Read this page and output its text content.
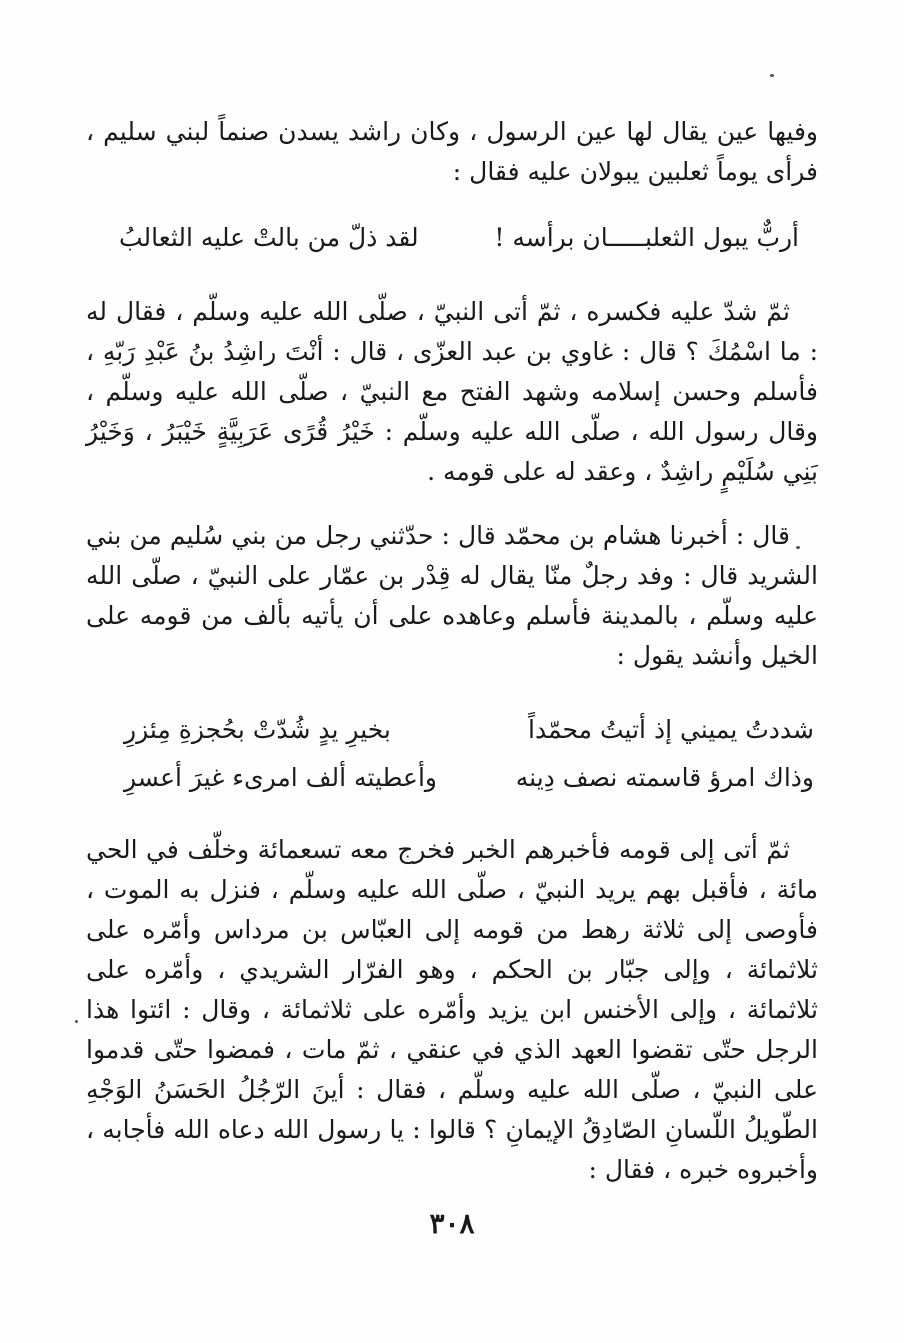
وفيها عين يقال لها عين الرسول ، وكان راشد يسدن صنماً لبني سليم ، فرأى يوماً ثعلبين يبولان عليه فقال :

أربٌّ يبول الثعلبـــــان برأسه !
لقد ذلّ من بالتْ عليه الثعالبُ

ثمّ شدّ عليه فكسره ، ثمّ أتى النبيّ ، صلّى الله عليه وسلّم ، فقال له : ما اسْمُكَ ؟ قال : غاوي بن عبد العزّى ، قال : أنْتَ راشِدُ بنُ عَبْدِ رَبّهِ ، فأسلم وحسن إسلامه وشهد الفتح مع النبيّ ، صلّى الله عليه وسلّم ، وقال رسول الله ، صلّى الله عليه وسلّم : خَيْرُ قُرًى عَرَبِيَّةٍ خَيْبَرُ ، وَخَيْرُ بَنِي سُلَيْمٍ راشِدٌ ، وعقد له على قومه .

قال : أخبرنا هشام بن محمّد قال : حدّثني رجل من بني سُليم من بني الشريد قال : وفد رجلٌ منّا يقال له قِدْر بن عمّار على النبيّ ، صلّى الله عليه وسلّم ، بالمدينة فأسلم وعاهده على أن يأتيه بألف من قومه على الخيل وأنشد يقول :

شددتُ يميني إذ أتيتُ محمّداً
بخيرِ يدٍ شُدّتْ بحُجزةِ مِئزرِ
وذاك امرؤ قاسمته نصف دِينه
وأعطيته ألف امرىء غيرَ أعسرِ

ثمّ أتى إلى قومه فأخبرهم الخبر فخرج معه تسعمائة وخلّف في الحي مائة ، فأقبل بهم يريد النبيّ ، صلّى الله عليه وسلّم ، فنزل به الموت ، فأوصى إلى ثلاثة رهط من قومه إلى العبّاس بن مرداس وأمّره على ثلاثمائة ، وإلى جبّار بن الحكم ، وهو الفرّار الشريدي ، وأمّره على ثلاثمائة ، وإلى الأخنس ابن يزيد وأمّره على ثلاثمائة ، وقال : ائتوا هذا الرجل حتّى تقضوا العهد الذي في عنقي ، ثمّ مات ، فمضوا حتّى قدموا على النبيّ ، صلّى الله عليه وسلّم ، فقال : أينَ الرّجُلُ الحَسَنُ الوَجْهِ الطّويلُ اللّسانِ الصّادِقُ الإيمانِ ؟ قالوا : يا رسول الله دعاه الله فأجابه ، وأخبروه خبره ، فقال :

٣٠٨
